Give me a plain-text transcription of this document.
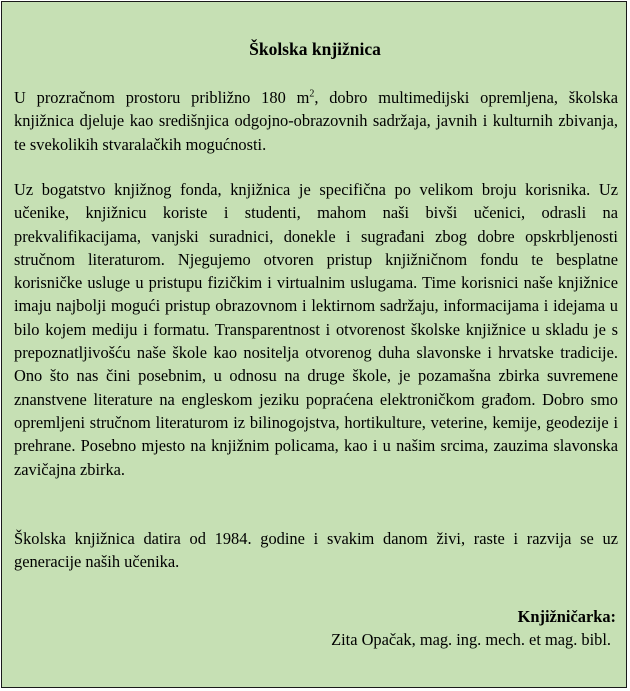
Školska knjižnica

U prozračnom prostoru približno 180 $m^2$, dobro multimedijski opremljena, školska knjižnica djeluje kao središnjica odgojno-obrazovnih sadržaja, javnih i kulturnih zbivanja, te svekolikih stvaralačkih mogućnosti.

Uz bogatstvo knjižnog fonda, knjižnica je specifična po velikom broju korisnika. Uz učenike, knjižnicu koriste i studenti, mahom naši bivši učenici, odrasli na prekvalifikacijama, vanjski suradnici, donekle i sugrađani zbog dobre opskrbljenosti stručnom literaturom. Njegujemo otvoren pristup knjižničnom fondu te besplatne korisničke usluge u pristupu fizičkim i virtualnim uslugama. Time korisnici naše knjižnice imaju najbolji mogući pristup obrazovnom i lektirnom sadržaju, informacijama i idejama u bilo kojem mediju i formatu. Transparentnost i otvorenost školske knjižnice u skladu je s prepoznatljivošću naše škole kao nositelja otvorenog duha slavonske i hrvatske tradicije. Ono što nas čini posebnim, u odnosu na druge škole, je pozamašna zbirka suvremene znanstvene literature na engleskom jeziku popraćena elektroničkom građom. Dobro smo opremljeni stručnom literaturom iz bilinogojstva, hortikulture, veterine, kemije, geodezije i prehrane. Posebno mjesto na knjižnim policama, kao i u našim srcima, zauzima slavonska zavičajna zbirka.

Školska knjižnica datira od 1984. godine i svakim danom živi, raste i razvija se uz generacije naših učenika.

Knjižničarka:

Zita Opačak, mag. ing. mech. et mag. bibl.
